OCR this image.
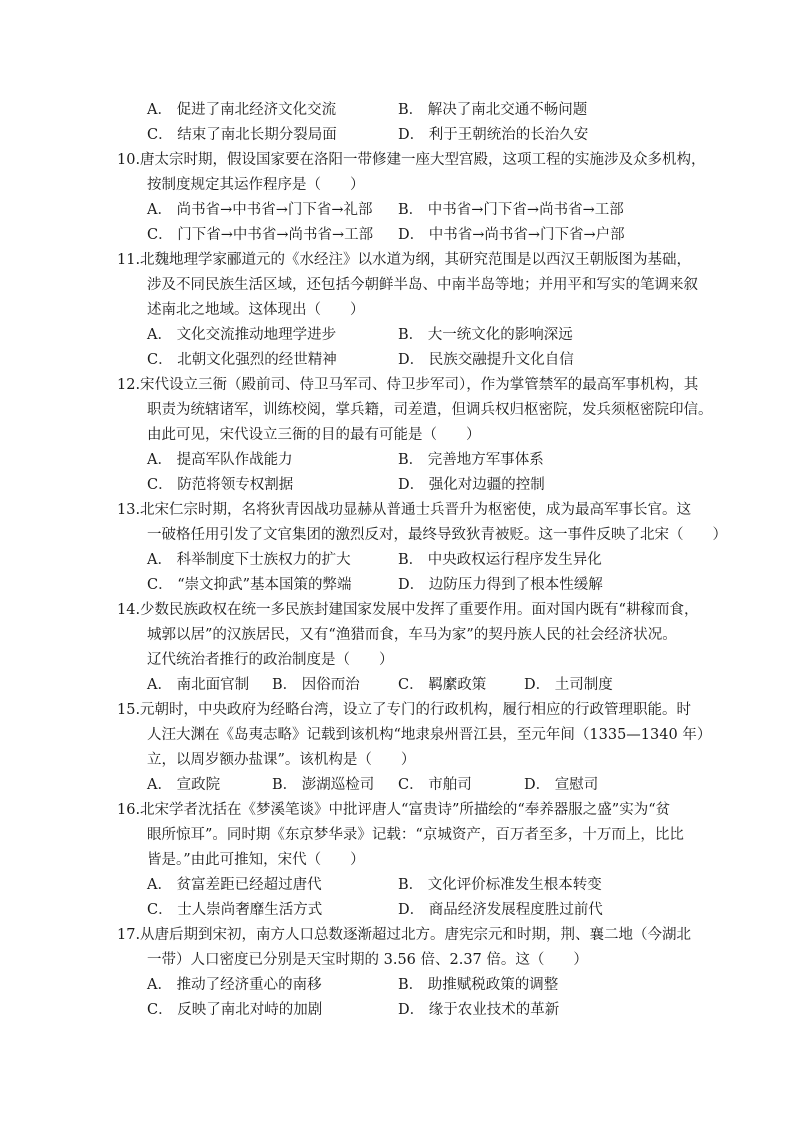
A． 促进了南北经济文化交流	B． 解决了南北交通不畅问题
C． 结束了南北长期分裂局面	D． 利于王朝统治的长治久安
10.唐太宗时期，假设国家要在洛阳一带修建一座大型宫殿，这项工程的实施涉及众多机构，
按制度规定其运作程序是（　　）
A． 尚书省→中书省→门下省→礼部 B． 中书省→门下省→尚书省→工部
C． 门下省→中书省→尚书省→工部 D． 中书省→尚书省→门下省→户部
11.北魏地理学家郦道元的《水经注》以水道为纲，其研究范围是以西汉王朝版图为基础，
涉及不同民族生活区域，还包括今朝鲜半岛、中南半岛等地；并用平和写实的笔调来叙
述南北之地域。这体现出（　　）
A． 文化交流推动地理学进步	B． 大一统文化的影响深远
C． 北朝文化强烈的经世精神	D． 民族交融提升文化自信
12.宋代设立三衙（殿前司、侍卫马军司、侍卫步军司），作为掌管禁军的最高军事机构，其
职责为统辖诸军，训练校阅，掌兵籍，司差遣，但调兵权归枢密院，发兵须枢密院印信。
由此可见，宋代设立三衙的目的最有可能是（　　）
A． 提高军队作战能力	B． 完善地方军事体系
C． 防范将领专权割据	D． 强化对边疆的控制
13.北宋仁宗时期，名将狄青因战功显赫从普通士兵晋升为枢密使，成为最高军事长官。这
一破格任用引发了文官集团的激烈反对，最终导致狄青被贬。这一事件反映了北宋（　　）
A． 科举制度下士族权力的扩大	B． 中央政权运行程序发生异化
C． “崇文抑武”基本国策的弊端	D． 边防压力得到了根本性缓解
14.少数民族政权在统一多民族封建国家发展中发挥了重要作用。面对国内既有“耕稼而食，
城郭以居”的汉族居民，又有“渔猎而食，车马为家”的契丹族人民的社会经济状况。
辽代统治者推行的政治制度是（　　）
A． 南北面官制 B． 因俗而治	C． 羁縻政策	D． 土司制度
15.元朝时，中央政府为经略台湾，设立了专门的行政机构，履行相应的行政管理职能。时
人汪大渊在《岛夷志略》记载到该机构“地隶泉州晋江县，至元年间（1335—1340 年）
立，以周岁额办盐课”。该机构是（　　）
A． 宣政院	B． 澎湖巡检司 C． 市舶司	D． 宣慰司
16.北宋学者沈括在《梦溪笔谈》中批评唐人“富贵诗”所描绘的“奉养器服之盛”实为“贫
眼所惊耳”。同时期《东京梦华录》记载：“京城资产，百万者至多，十万而上，比比
皆是。”由此可推知，宋代（　　）
A． 贫富差距已经超过唐代	B． 文化评价标准发生根本转变
C． 士人崇尚奢靡生活方式	D． 商品经济发展程度胜过前代
17.从唐后期到宋初，南方人口总数逐渐超过北方。唐宪宗元和时期，荆、襄二地（今湖北
一带）人口密度已分别是天宝时期的 3.56 倍、2.37 倍。这（　　）
A． 推动了经济重心的南移	B． 助推赋税政策的调整
C． 反映了南北对峙的加剧	D． 缘于农业技术的革新
